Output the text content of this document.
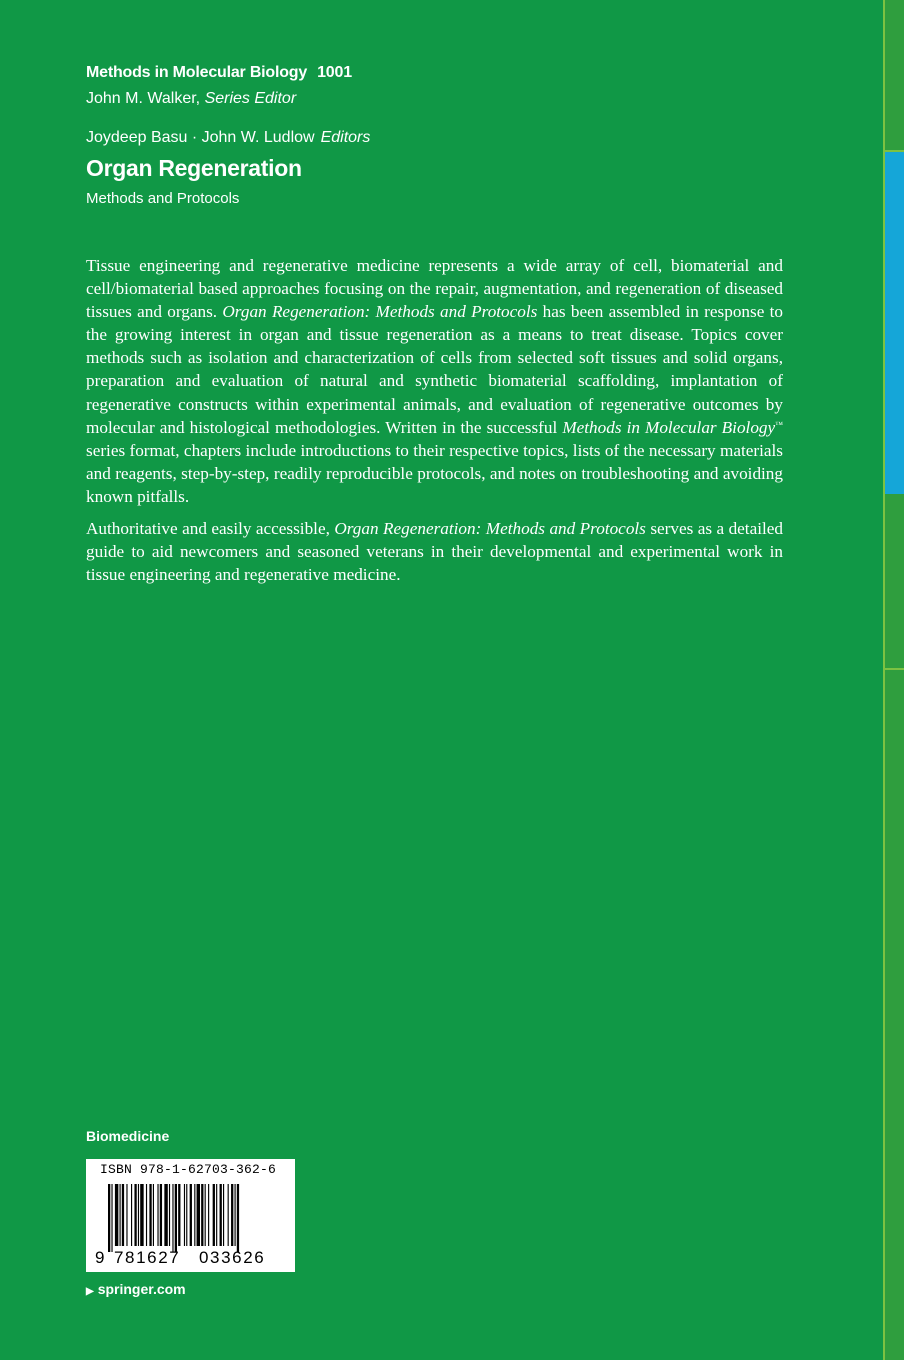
Methods in Molecular Biology 1001
John M. Walker, Series Editor
Joydeep Basu · John W. Ludlow Editors
Organ Regeneration
Methods and Protocols

Tissue engineering and regenerative medicine represents a wide array of cell, biomaterial and cell/biomaterial based approaches focusing on the repair, augmentation, and regeneration of diseased tissues and organs. Organ Regeneration: Methods and Protocols has been assembled in response to the growing interest in organ and tissue regeneration as a means to treat disease. Topics cover methods such as isolation and characterization of cells from selected soft tissues and solid organs, preparation and evaluation of natural and synthetic biomaterial scaffolding, implantation of regenerative constructs within experimental animals, and evaluation of regenerative outcomes by molecular and histological methodologies. Written in the successful Methods in Molecular Biology™ series format, chapters include introductions to their respective topics, lists of the necessary materials and reagents, step-by-step, readily reproducible protocols, and notes on troubleshooting and avoiding known pitfalls.

Authoritative and easily accessible, Organ Regeneration: Methods and Protocols serves as a detailed guide to aid newcomers and seasoned veterans in their developmental and experimental work in tissue engineering and regenerative medicine.

Biomedicine
ISBN 978-1-62703-362-6
9 781627 033626
▶ springer.com
